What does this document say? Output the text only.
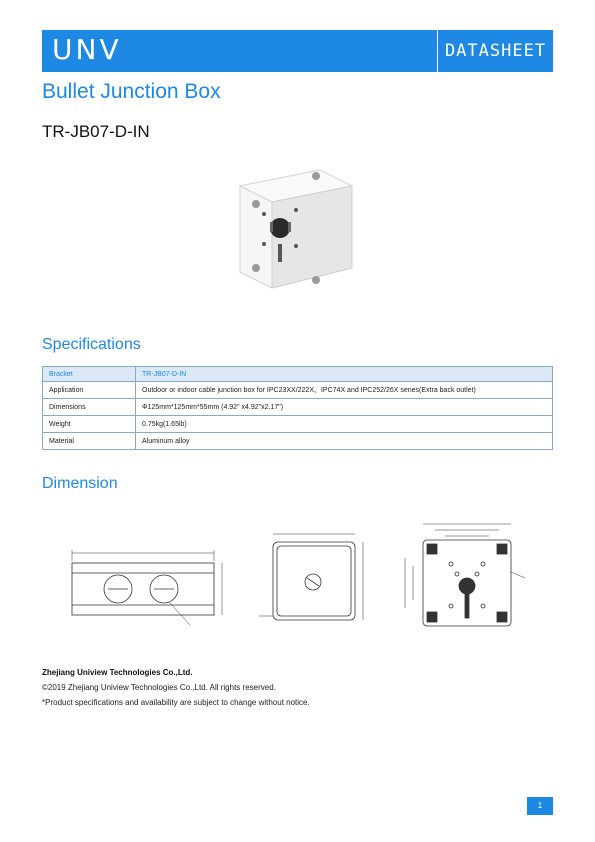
UNV	DATASHEET
Bullet Junction Box
TR-JB07-D-IN
Specifications
Bracket	TR-JB07-D-IN
Application	Outdoor or indoor cable junction box for IPC23XX/222X、IPC74X and IPC252/26X series(Extra back outlet)
Dimensions	Φ125mm*125mm*55mm (4.92" x4.92"x2.17")
Weight	0.75kg(1.65lb)
Material	Aluminum alloy
Dimension
Zhejiang Uniview Technologies Co.,Ltd.
©2019 Zhejiang Uniview Technologies Co.,Ltd. All rights reserved.
*Product specifications and availability are subject to change without notice.
1
